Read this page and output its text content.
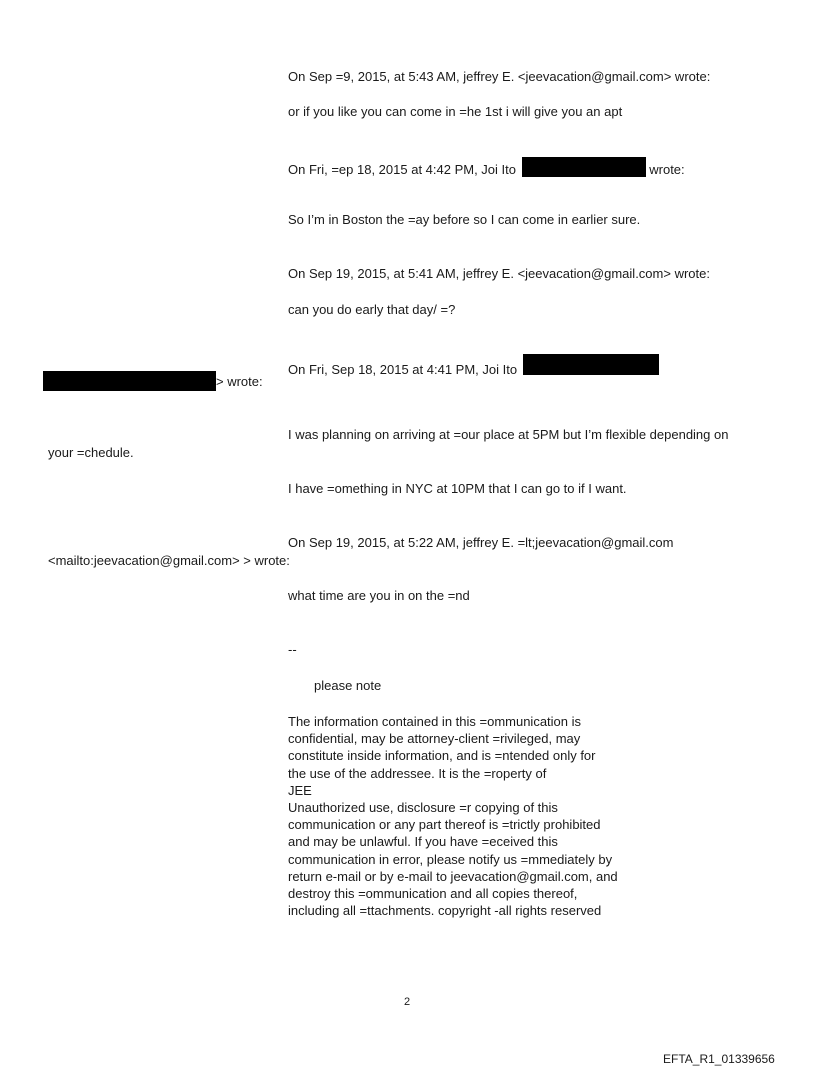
On Sep =9, 2015, at 5:43 AM, jeffrey E. <jeevacation@gmail.com> wrote:
or if you like you can come in =he 1st i will give you an apt
On Fri, =ep 18, 2015 at 4:42 PM, Joi Ito	wrote:
So I’m in Boston the =ay before so I can come in earlier sure.
On Sep 19, 2015, at 5:41 AM, jeffrey E. <jeevacation@gmail.com> wrote:
can you do early that day/ =?
On Fri, Sep 18, 2015 at 4:41 PM, Joi Ito
> wrote:
I was planning on arriving at =our place at 5PM but I’m flexible depending on
your =chedule.
I have =omething in NYC at 10PM that I can go to if I want.
On Sep 19, 2015, at 5:22 AM, jeffrey E. =lt;jeevacation@gmail.com
<mailto:jeevacation@gmail.com> > wrote:
what time are you in on the =nd
--
please note
The information contained in this =ommunication is
confidential, may be attorney-client =rivileged, may
constitute inside information, and is =ntended only for
the use of the addressee. It is the =roperty of
JEE
Unauthorized use, disclosure =r copying of this
communication or any part thereof is =trictly prohibited
and may be unlawful. If you have =eceived this
communication in error, please notify us =mmediately by
return e-mail or by e-mail to jeevacation@gmail.com, and
destroy this =ommunication and all copies thereof,
including all =ttachments. copyright -all rights reserved
2
EFTA_R1_01339656
